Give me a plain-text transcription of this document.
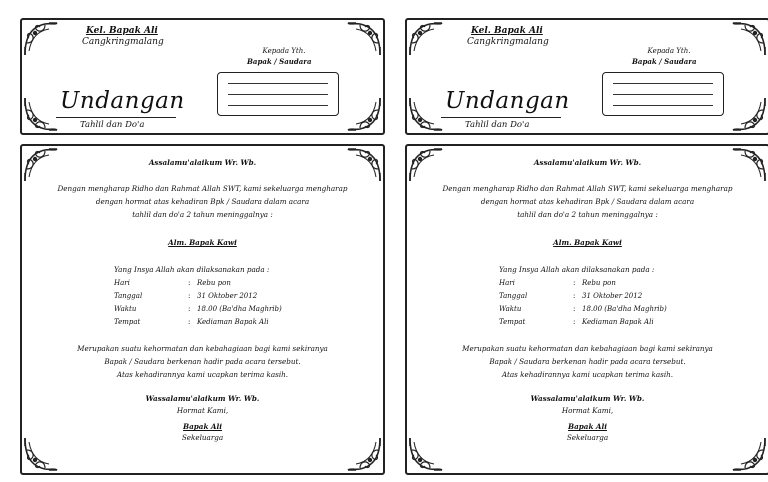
Kel. Bapak Ali
Cangkringmalang
Kepada Yth.
Bapak / Saudara
Undangan
Tahlil dan Do'a
Assalamu'alaikum Wr. Wb.
Dengan mengharap Ridho dan Rahmat Allah SWT, kami sekeluarga mengharap
dengan hormat atas kehadiran Bpk / Saudara dalam acara
tahlil dan do'a 2 tahun meninggalnya :
Alm. Bapak Kawi
Yang Insya Allah akan dilaksanakan pada :
Hari	: Rebu pon
Tanggal	: 31 Oktober 2012
Waktu	: 18.00 (Ba'dha Maghrib)
Tempat	: Kediaman Bapak Ali
Merupakan suatu kehormatan dan kebahagiaan bagi kami sekiranya
Bapak / Saudara berkenan hadir pada acara tersebut.
Atas kehadirannya kami ucapkan terima kasih.
Wassalamu'alaikum Wr. Wb.
Hormat Kami,
Bapak Ali
Sekeluarga
Kel. Bapak Ali
Cangkringmalang
Kepada Yth.
Bapak / Saudara
Undangan
Tahlil dan Do'a
Assalamu'alaikum Wr. Wb.
Dengan mengharap Ridho dan Rahmat Allah SWT, kami sekeluarga mengharap
dengan hormat atas kehadiran Bpk / Saudara dalam acara
tahlil dan do'a 2 tahun meninggalnya :
Alm. Bapak Kawi
Yang Insya Allah akan dilaksanakan pada :
Hari	: Rebu pon
Tanggal	: 31 Oktober 2012
Waktu	: 18.00 (Ba'dha Maghrib)
Tempat	: Kediaman Bapak Ali
Merupakan suatu kehormatan dan kebahagiaan bagi kami sekiranya
Bapak / Saudara berkenan hadir pada acara tersebut.
Atas kehadirannya kami ucapkan terima kasih.
Wassalamu'alaikum Wr. Wb.
Hormat Kami,
Bapak Ali
Sekeluarga
